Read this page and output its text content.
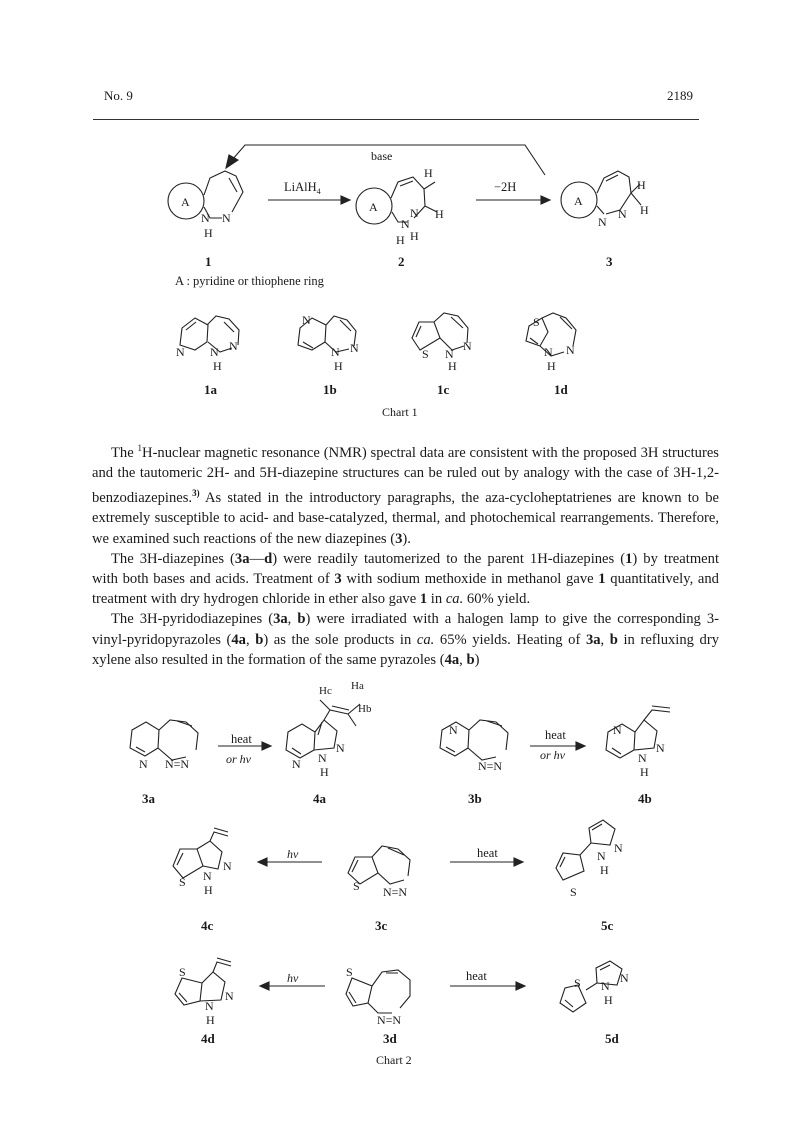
No. 9	2189
base
LiAlH$_4$	−2H
A	A	A
N N
H
H
H
N
N
H H
N
N
H
H
N N N
H
N
N N
H
S N
N
H
S
N N
H
1	2	3
A : pyridine or thiophene ring
1a	1b	1c	1d
Chart 1
N N=N	N
N
N
H
N
N=N
N
N
N
H
S
N
N
H	S N=N	S
N
N
H
S
N
N
H
S
N=N
S	N
N
H
Hc Ha
Hb
heat
or hv
heat
or hv
hν	heat
hν	heat
3a	4a	3b	4b
4c	3c	5c
4d	3d	5d
Chart 2

The $^1$H-nuclear magnetic resonance (NMR) spectral data are consistent with the proposed 3H structures and the tautomeric 2H- and 5H-diazepine structures can be ruled out by analogy with the case of 3H-1,2-benzodiazepines.$^{3)}$ As stated in the introductory paragraphs, the aza-cycloheptatrienes are known to be extremely susceptible to acid- and base-catalyzed, thermal, and photochemical rearrangements. Therefore, we examined such reactions of the new diazepines (3).

The 3H-diazepines (3a—d) were readily tautomerized to the parent 1H-diazepines (1) by treatment with both bases and acids. Treatment of 3 with sodium methoxide in methanol gave 1 quantitatively, and treatment with dry hydrogen chloride in ether also gave 1 in ca. 60% yield.

The 3H-pyridodiazepines (3a, b) were irradiated with a halogen lamp to give the corresponding 3-vinyl-pyridopyrazoles (4a, b) as the sole products in ca. 65% yields. Heating of 3a, b in refluxing dry xylene also resulted in the formation of the same pyrazoles (4a, b)
